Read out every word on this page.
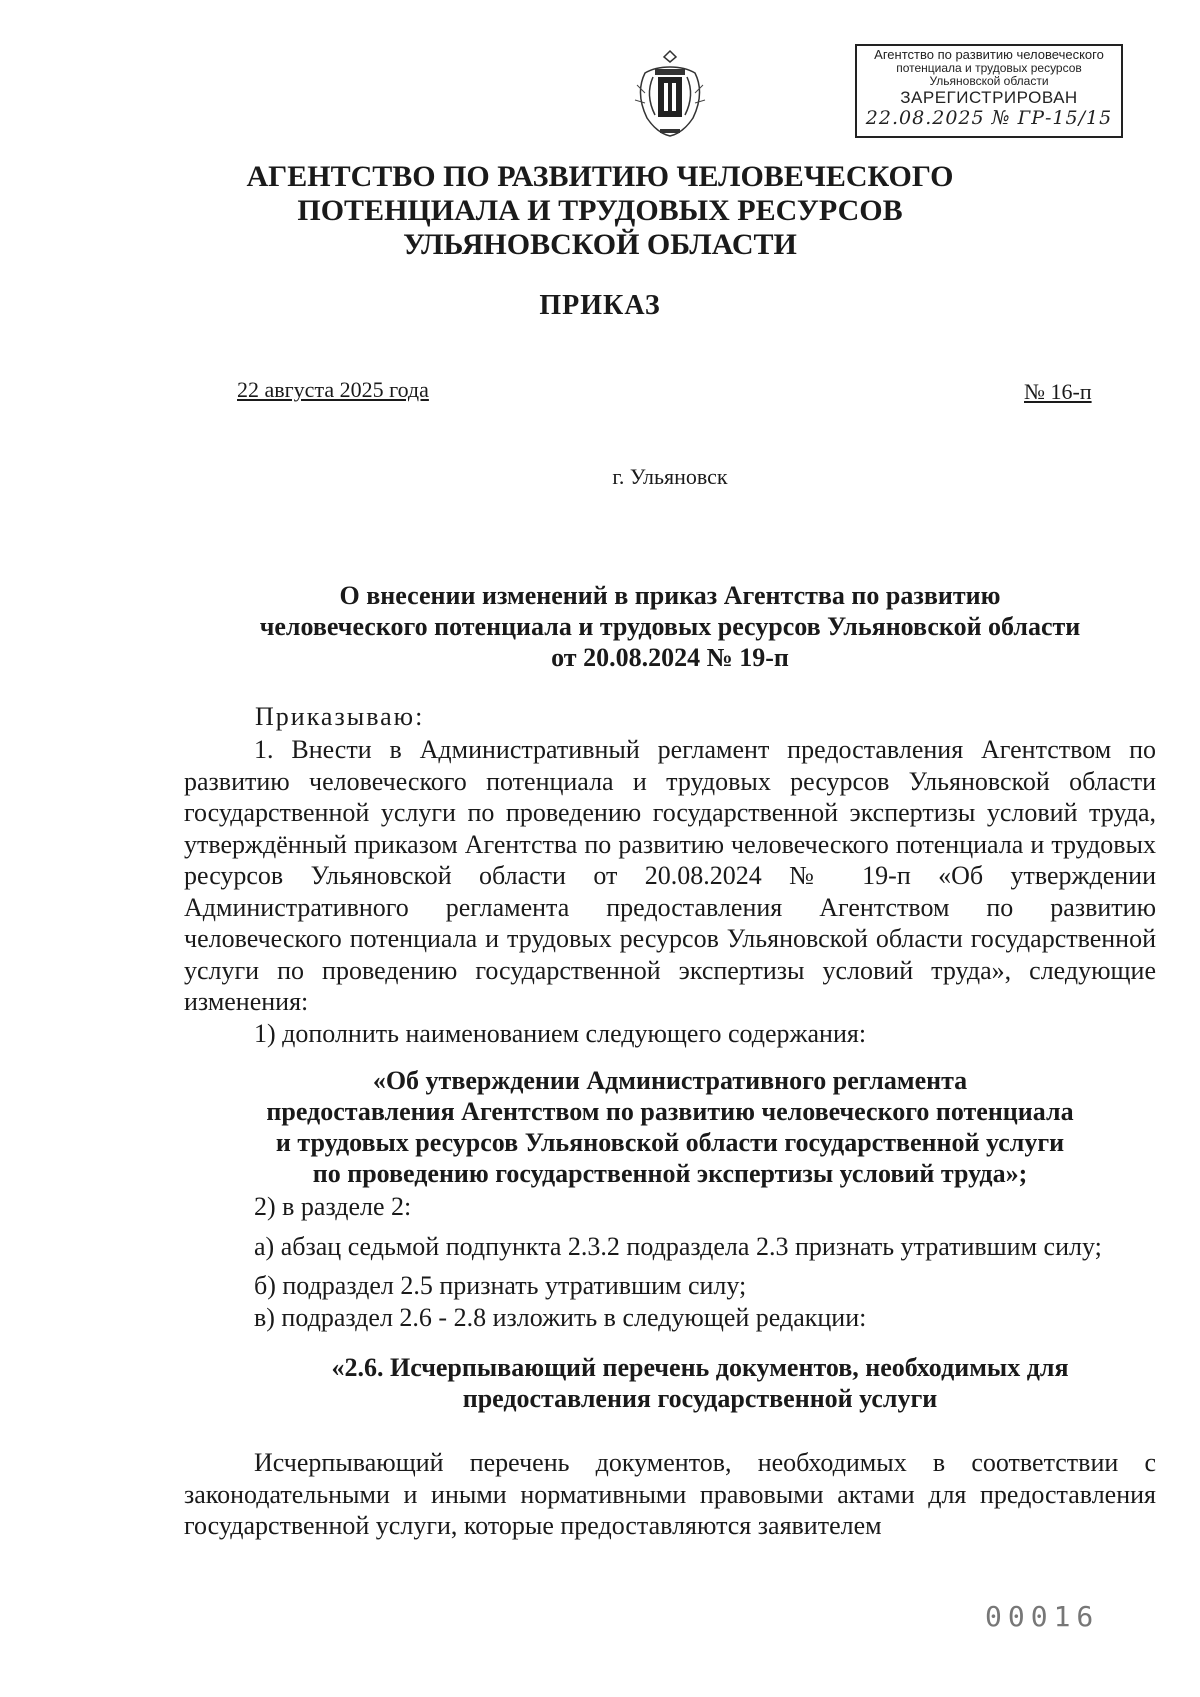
Агентство по развитию человеческого
потенциала и трудовых ресурсов
Ульяновской области
ЗАРЕГИСТРИРОВАН
22.08.2025 № ГР-15/15
АГЕНТСТВО ПО РАЗВИТИЮ ЧЕЛОВЕЧЕСКОГО
ПОТЕНЦИАЛА И ТРУДОВЫХ РЕСУРСОВ
УЛЬЯНОВСКОЙ ОБЛАСТИ
ПРИКАЗ
22 августа 2025 года	№ 16-п
г. Ульяновск
О внесении изменений в приказ Агентства по развитию
человеческого потенциала и трудовых ресурсов Ульяновской области
от 20.08.2024 № 19-п
Приказываю:

1. Внести в Административный регламент предоставления Агентством по развитию человеческого потенциала и трудовых ресурсов Ульяновской области государственной услуги по проведению государственной экспертизы условий труда, утверждённый приказом Агентства по развитию человеческого потенциала и трудовых ресурсов Ульяновской области от 20.08.2024 № 19-п «Об утверждении Административного регламента предоставления Агентством по развитию человеческого потенциала и трудовых ресурсов Ульяновской области государственной услуги по проведению государственной экспертизы условий труда», следующие изменения:

1) дополнить наименованием следующего содержания:

«Об утверждении Административного регламента
предоставления Агентством по развитию человеческого потенциала
и трудовых ресурсов Ульяновской области государственной услуги
по проведению государственной экспертизы условий труда»;

2) в разделе 2:

а) абзац седьмой подпункта 2.3.2 подраздела 2.3 признать утратившим силу;

б) подраздел 2.5 признать утратившим силу;

в) подраздел 2.6 - 2.8 изложить в следующей редакции:

«2.6. Исчерпывающий перечень документов, необходимых для
предоставления государственной услуги

Исчерпывающий перечень документов, необходимых в соответствии с законодательными и иными нормативными правовыми актами для предоставления государственной услуги, которые предоставляются заявителем

00016
